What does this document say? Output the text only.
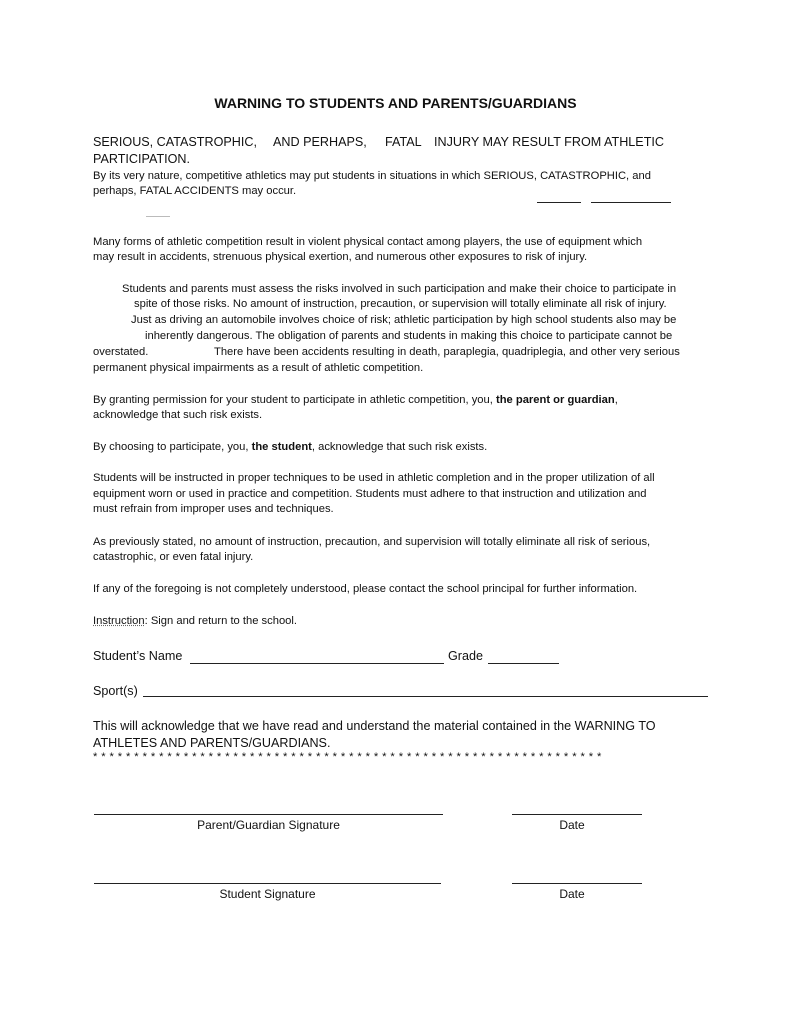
WARNING TO STUDENTS AND PARENTS/GUARDIANS
SERIOUS, CATASTROPHIC, AND PERHAPS, FATAL INJURY MAY RESULT FROM ATHLETIC
PARTICIPATION.
By its very nature, competitive athletics may put students in situations in which SERIOUS, CATASTROPHIC, and
perhaps, FATAL ACCIDENTS may occur.
Many forms of athletic competition result in violent physical contact among players, the use of equipment which
may result in accidents, strenuous physical exertion, and numerous other exposures to risk of injury.
Students and parents must assess the risks involved in such participation and make their choice to participate in
spite of those risks. No amount of instruction, precaution, or supervision will totally eliminate all risk of injury.
Just as driving an automobile involves choice of risk; athletic participation by high school students also may be
inherently dangerous. The obligation of parents and students in making this choice to participate cannot be
overstated.	There have been accidents resulting in death, paraplegia, quadriplegia, and other very serious
permanent physical impairments as a result of athletic competition.
By granting permission for your student to participate in athletic competition, you, the parent or guardian,
acknowledge that such risk exists.
By choosing to participate, you, the student, acknowledge that such risk exists.
Students will be instructed in proper techniques to be used in athletic completion and in the proper utilization of all
equipment worn or used in practice and competition. Students must adhere to that instruction and utilization and
must refrain from improper uses and techniques.
As previously stated, no amount of instruction, precaution, and supervision will totally eliminate all risk of serious,
catastrophic, or even fatal injury.
If any of the foregoing is not completely understood, please contact the school principal for further information.
Instruction: Sign and return to the school.
Student’s Name	Grade
Sport(s)
This will acknowledge that we have read and understand the material contained in the WARNING TO
ATHLETES AND PARENTS/GUARDIANS.
* * * * * * * * * * * * * * * * * * * * * * * * * * * * * * * * * * * * * * * * * * * * * * * * * * * * * * * * * * * * * *
Parent/Guardian Signature	Date
Student Signature	Date
